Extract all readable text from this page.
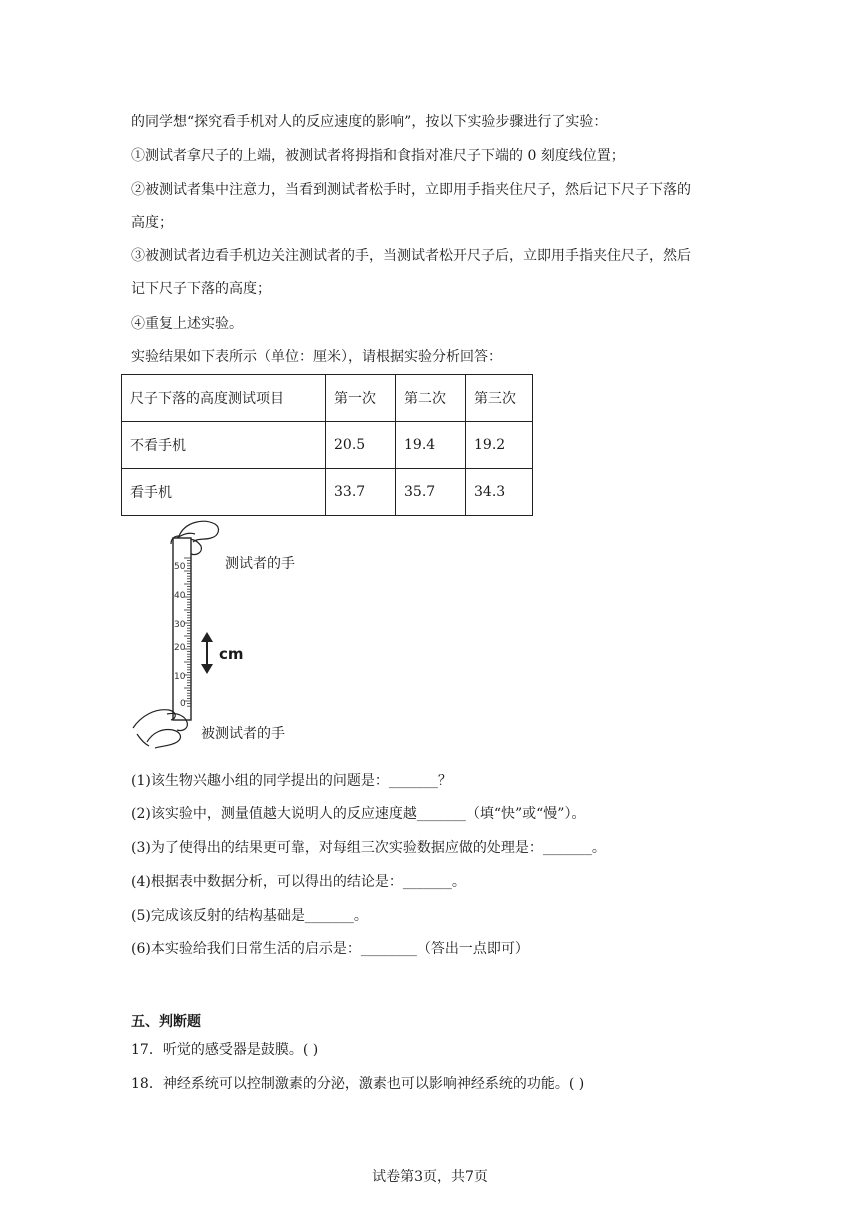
的同学想“探究看手机对人的反应速度的影响”，按以下实验步骤进行了实验：
①测试者拿尺子的上端，被测试者将拇指和食指对准尺子下端的 0 刻度线位置；
②被测试者集中注意力，当看到测试者松手时，立即用手指夹住尺子，然后记下尺子下落的
高度；
③被测试者边看手机边关注测试者的手，当测试者松开尺子后，立即用手指夹住尺子，然后
记下尺子下落的高度；
④重复上述实验。
实验结果如下表所示（单位：厘米），请根据实验分析回答：
尺子下落的高度测试项目	第一次	第二次	第三次
不看手机	20.5	19.4	19.2
看手机	33.7	35.7	34.3
50
40
30
20
10
0
cm
测试者的手
被测试者的手
(1)该生物兴趣小组的同学提出的问题是：_______？
(2)该实验中，测量值越大说明人的反应速度越_______（填“快”或“慢”）。
(3)为了使得出的结果更可靠，对每组三次实验数据应做的处理是：_______。
(4)根据表中数据分析，可以得出的结论是：_______。
(5)完成该反射的结构基础是_______。
(6)本实验给我们日常生活的启示是：________（答出一点即可）
五、判断题
17．听觉的感受器是鼓膜。( )
18．神经系统可以控制激素的分泌，激素也可以影响神经系统的功能。( )
试卷第3页，共7页
